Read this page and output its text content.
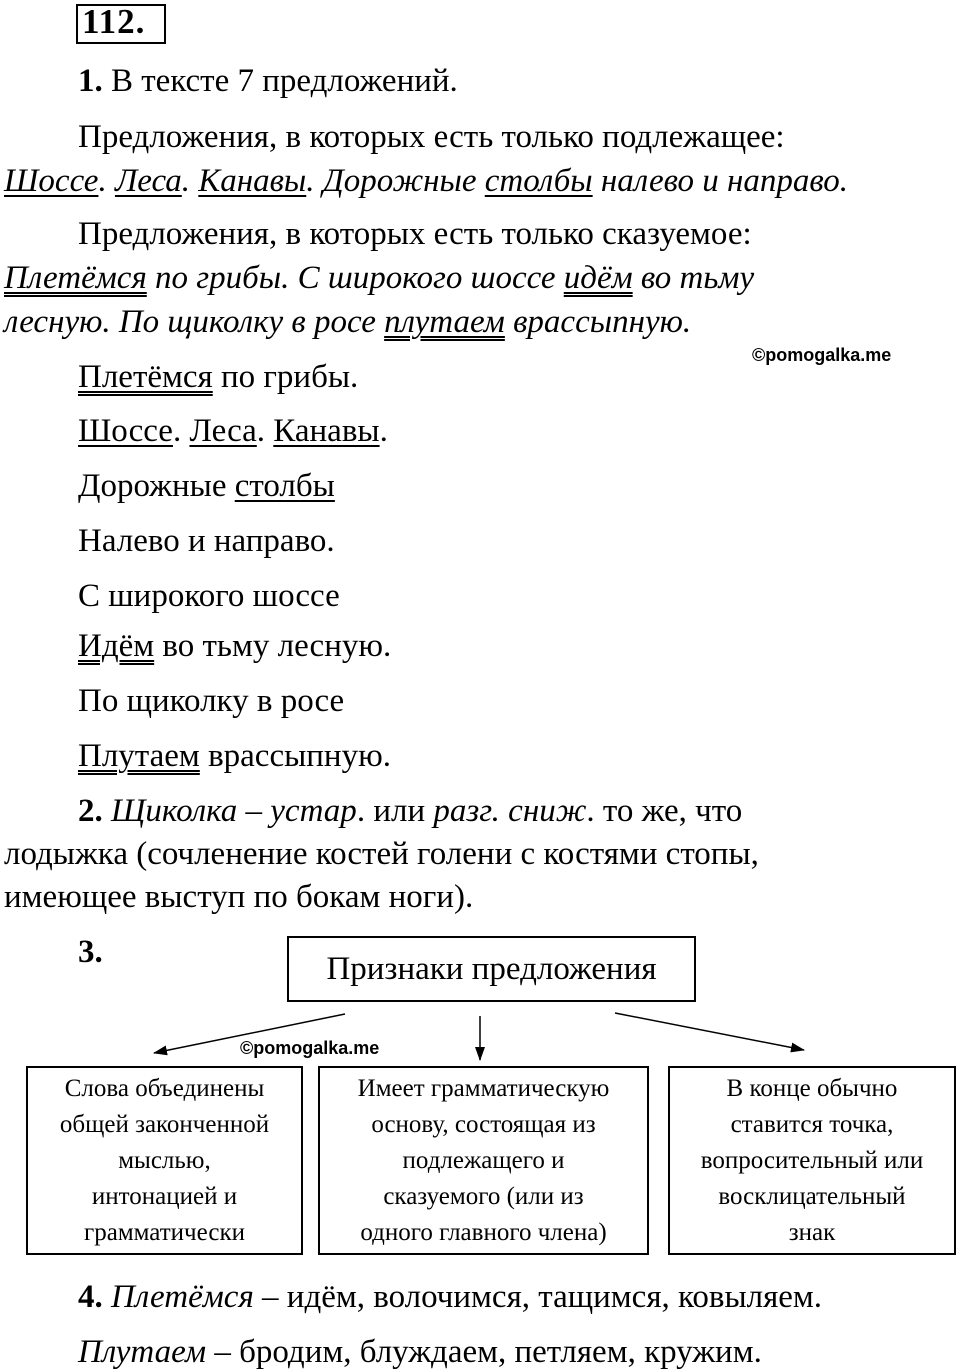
112.
1. В тексте 7 предложений.
Предложения, в которых есть только подлежащее:
Шоссе. Леса. Канавы. Дорожные столбы налево и направо.
Предложения, в которых есть только сказуемое:
Плетёмся по грибы. С широкого шоссе идём во тьму
лесную. По щиколку в росе плутаем врассыпную.
©pomogalka.me
Плетёмся по грибы.
Шоссе. Леса. Канавы.
Дорожные столбы
Налево и направо.
С широкого шоссе
Идём во тьму лесную.
По щиколку в росе
Плутаем врассыпную.
2. Щиколка – устар. или разг. сниж. то же, что
лодыжка (сочленение костей голени с костями стопы,
имеющее выступ по бокам ноги).
3.	Признаки предложения
©pomogalka.me
Слова объединены
общей законченной
мыслью,
интонацией и
грамматически
Имеет грамматическую
основу, состоящая из
подлежащего и
сказуемого (или из
одного главного члена)
В конце обычно
ставится точка,
вопросительный или
восклицательный
знак
4. Плетёмся – идём, волочимся, тащимся, ковыляем.
Плутаем – бродим, блуждаем, петляем, кружим.
